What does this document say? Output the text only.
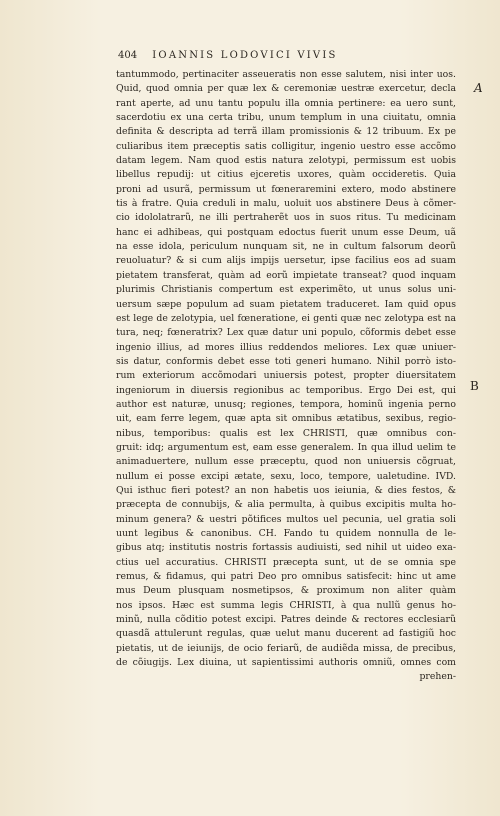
404 IOANNIS LODOVICI VIVIS
A
B
tantummodo, pertinaciter asseueratis non esse salutem, nisi inter uos.
Quid, quod omnia per quæ lex & ceremoniæ uestræ exercetur, decla
rant aperte, ad unu tantu populu illa omnia pertinere: ea uero sunt,
sacerdotiu ex una certa tribu, unum templum in una ciuitatu, omnia
definita & descripta ad terrã illam promissionis & 12 tribuum. Ex pe
culiaribus item præceptis satis colligitur, ingenio uestro esse accõmo
datam legem. Nam quod estis natura zelotypi, permissum est uobis
libellus repudij: ut citius ejceretis uxores, quàm occideretis. Quia
proni ad usurã, permissum ut fœneraremini extero, modo abstinere
tis à fratre. Quia creduli in malu, uoluit uos abstinere Deus à cõmer-
cio idololatrarũ, ne illi pertraherẽt uos in suos ritus. Tu medicinam
hanc ei adhibeas, qui postquam edoctus fuerit unum esse Deum, uã
na esse idola, periculum nunquam sit, ne in cultum falsorum deorũ
reuoluatur? & si cum alijs impijs uersetur, ipse facilius eos ad suam
pietatem transferat, quàm ad eorũ impietate transeat? quod inquam
plurimis Christianis compertum est experimẽto, ut unus solus uni-
uersum sæpe populum ad suam pietatem traduceret. Iam quid opus
est lege de zelotypia, uel fœneratione, ei genti quæ nec zelotypa est na
tura, neq; fœneratrix? Lex quæ datur uni populo, cõformis debet esse
ingenio illius, ad mores illius reddendos meliores. Lex quæ uniuer-
sis datur, conformis debet esse toti generi humano. Nihil porrò isto-
rum exteriorum accõmodari uniuersis potest, propter diuersitatem
ingeniorum in diuersis regionibus ac temporibus. Ergo Dei est, qui
author est naturæ, unusq; regiones, tempora, hominũ ingenia perno
uit, eam ferre legem, quæ apta sit omnibus ætatibus, sexibus, regio-
nibus, temporibus: qualis est lex CHRISTI, quæ omnibus con-
gruit: idq; argumentum est, eam esse generalem. In qua illud uelim te
animaduertere, nullum esse præceptu, quod non uniuersis cõgruat,
nullum ei posse excipi ætate, sexu, loco, tempore, ualetudine. IVD.
Qui isthuc fieri potest? an non habetis uos ieiunia, & dies festos, &
præcepta de connubijs, & alia permulta, à quibus excipitis multa ho-
minum genera? & uestri põtifices multos uel pecunia, uel gratia soli
uunt legibus & canonibus. CH. Fando tu quidem nonnulla de le-
gibus atq; institutis nostris fortassis audiuisti, sed nihil ut uideo exa-
ctius uel accuratius. CHRISTI præcepta sunt, ut de se omnia spe
remus, & fidamus, qui patri Deo pro omnibus satisfecit: hinc ut ame
mus Deum plusquam nosmetipsos, & proximum non aliter quàm
nos ipsos. Hæc est summa legis CHRISTI, à qua nullũ genus ho-
minũ, nulla cõditio potest excipi. Patres deinde & rectores ecclesiarũ
quasdã attulerunt regulas, quæ uelut manu ducerent ad fastigiũ hoc
pietatis, ut de ieiunijs, de ocio feriarũ, de audiẽda missa, de precibus,
de cõiugijs. Lex diuina, ut sapientissimi authoris omniũ, omnes com
prehen-
